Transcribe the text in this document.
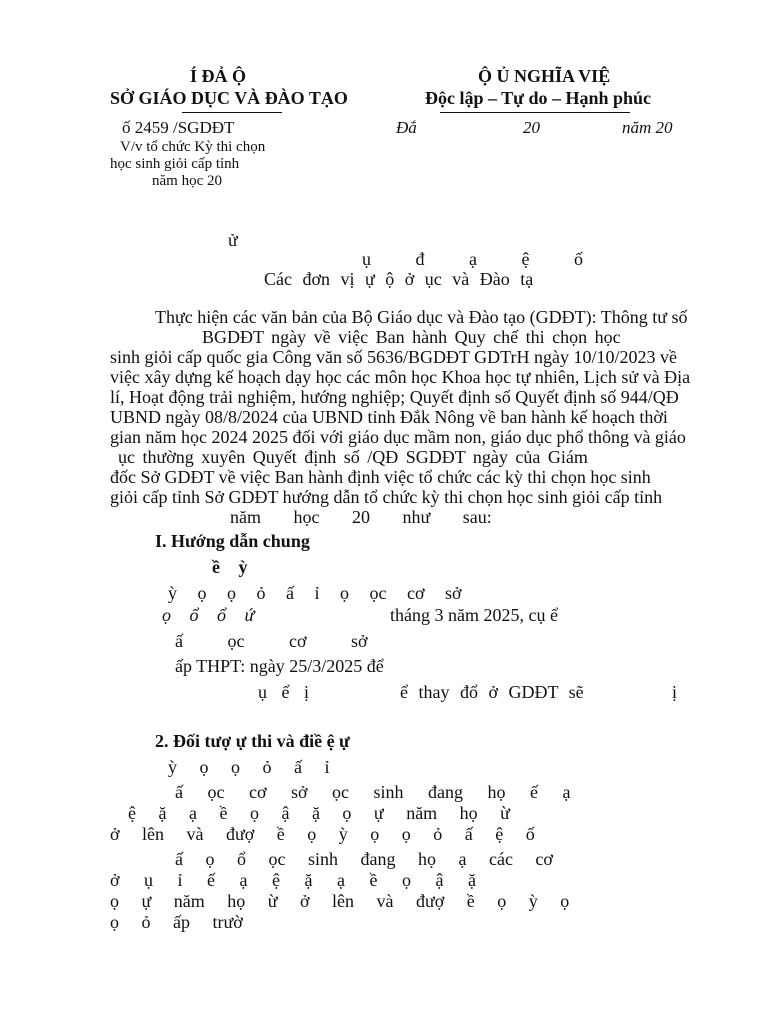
Í ĐẢ Ộ	Ộ Ủ NGHĨA VIỆ
SỞ GIÁO DỤC VÀ ĐÀO TẠO	Độc lập – Tự do – Hạnh phúc
ố 2459 /SGDĐT	Đắ	20	năm 20
V/v tổ chức Kỳ thi chọn
học sinh giỏi cấp tỉnh
năm học 20
ử
ụ đ ạ ệ ố
Các đơn vị ự ộ ở ục và Đào tạ
Thực hiện các văn bản của Bộ Giáo dục và Đào tạo (GDĐT): Thông tư số
BGDĐT ngày về việc Ban hành Quy chế thi chọn học
sinh giỏi cấp quốc gia Công văn số 5636/BGDĐT GDTrH ngày 10/10/2023 về
việc xây dựng kế hoạch dạy học các môn học Khoa học tự nhiên, Lịch sử và Địa
lí, Hoạt động trải nghiệm, hướng nghiệp; Quyết định số Quyết định số 944/QĐ
UBND ngày 08/8/2024 của UBND tỉnh Đắk Nông về ban hành kế hoạch thời
gian năm học 2024 2025 đối với giáo dục mầm non, giáo dục phổ thông và giáo
ục thường xuyên Quyết định số /QĐ SGDĐT ngày của Giám
đốc Sở GDĐT về việc Ban hành định việc tổ chức các kỳ thi chọn học sinh
giỏi cấp tỉnh Sở GDĐT hướng dẫn tổ chức kỳ thi chọn học sinh giỏi cấp tỉnh
năm học 20 như sau:
I. Hướng dẫn chung
ề ỳ
ỳ ọ ọ ỏ ấ ỉ ọ ọc cơ sở
ọ ổ ổ ứ	tháng 3 năm 2025, cụ ể
ấ ọc cơ sở
ấp THPT: ngày 25/3/2025 để
ụ ể ị	ể thay đổ ở GDĐT sẽ	ị
2. Đối tượ ự thi và điề ệ ự
ỳ ọ ọ ỏ ấ ỉ
ấ ọc cơ sở ọc sinh đang họ ế ạ
ệ ặ ạ ề ọ ậ ặ ọ ự năm họ ừ
ở lên và đượ ề ọ ỳ ọ ọ ỏ ấ ệ ố
ấ ọ ổ ọc sinh đang họ ạ các cơ
ở ụ ỉ ế ạ ệ ặ ạ ề ọ ậ ặ
ọ ự năm họ ừ ở lên và đượ ề ọ ỳ ọ
ọ ỏ ấp trườ
